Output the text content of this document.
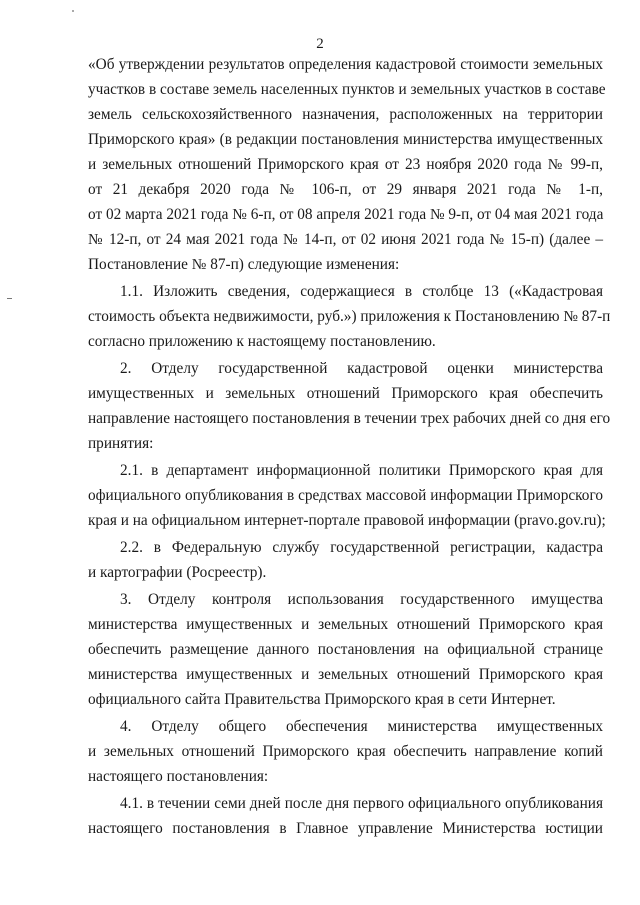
2
«Об утверждении результатов определения кадастровой стоимости земельных
участков в составе земель населенных пунктов и земельных участков в составе
земель сельскохозяйственного назначения, расположенных на территории
Приморского края» (в редакции постановления министерства имущественных
и земельных отношений Приморского края от 23 ноября 2020 года № 99-п,
от 21 декабря 2020 года № 106-п, от 29 января 2021 года № 1-п,
от 02 марта 2021 года № 6-п, от 08 апреля 2021 года № 9-п, от 04 мая 2021 года
№ 12-п, от 24 мая 2021 года № 14-п, от 02 июня 2021 года № 15-п) (далее –
Постановление № 87-п) следующие изменения:
1.1. Изложить сведения, содержащиеся в столбце 13 («Кадастровая
стоимость объекта недвижимости, руб.») приложения к Постановлению № 87-п
согласно приложению к настоящему постановлению.
2. Отделу государственной кадастровой оценки министерства
имущественных и земельных отношений Приморского края обеспечить
направление настоящего постановления в течении трех рабочих дней со дня его
принятия:
2.1. в департамент информационной политики Приморского края для
официального опубликования в средствах массовой информации Приморского
края и на официальном интернет-портале правовой информации (pravo.gov.ru);
2.2. в Федеральную службу государственной регистрации, кадастра
и картографии (Росреестр).
3. Отделу контроля использования государственного имущества
министерства имущественных и земельных отношений Приморского края
обеспечить размещение данного постановления на официальной странице
министерства имущественных и земельных отношений Приморского края
официального сайта Правительства Приморского края в сети Интернет.
4. Отделу общего обеспечения министерства имущественных
и земельных отношений Приморского края обеспечить направление копий
настоящего постановления:
4.1. в течении семи дней после дня первого официального опубликования
настоящего постановления в Главное управление Министерства юстиции
